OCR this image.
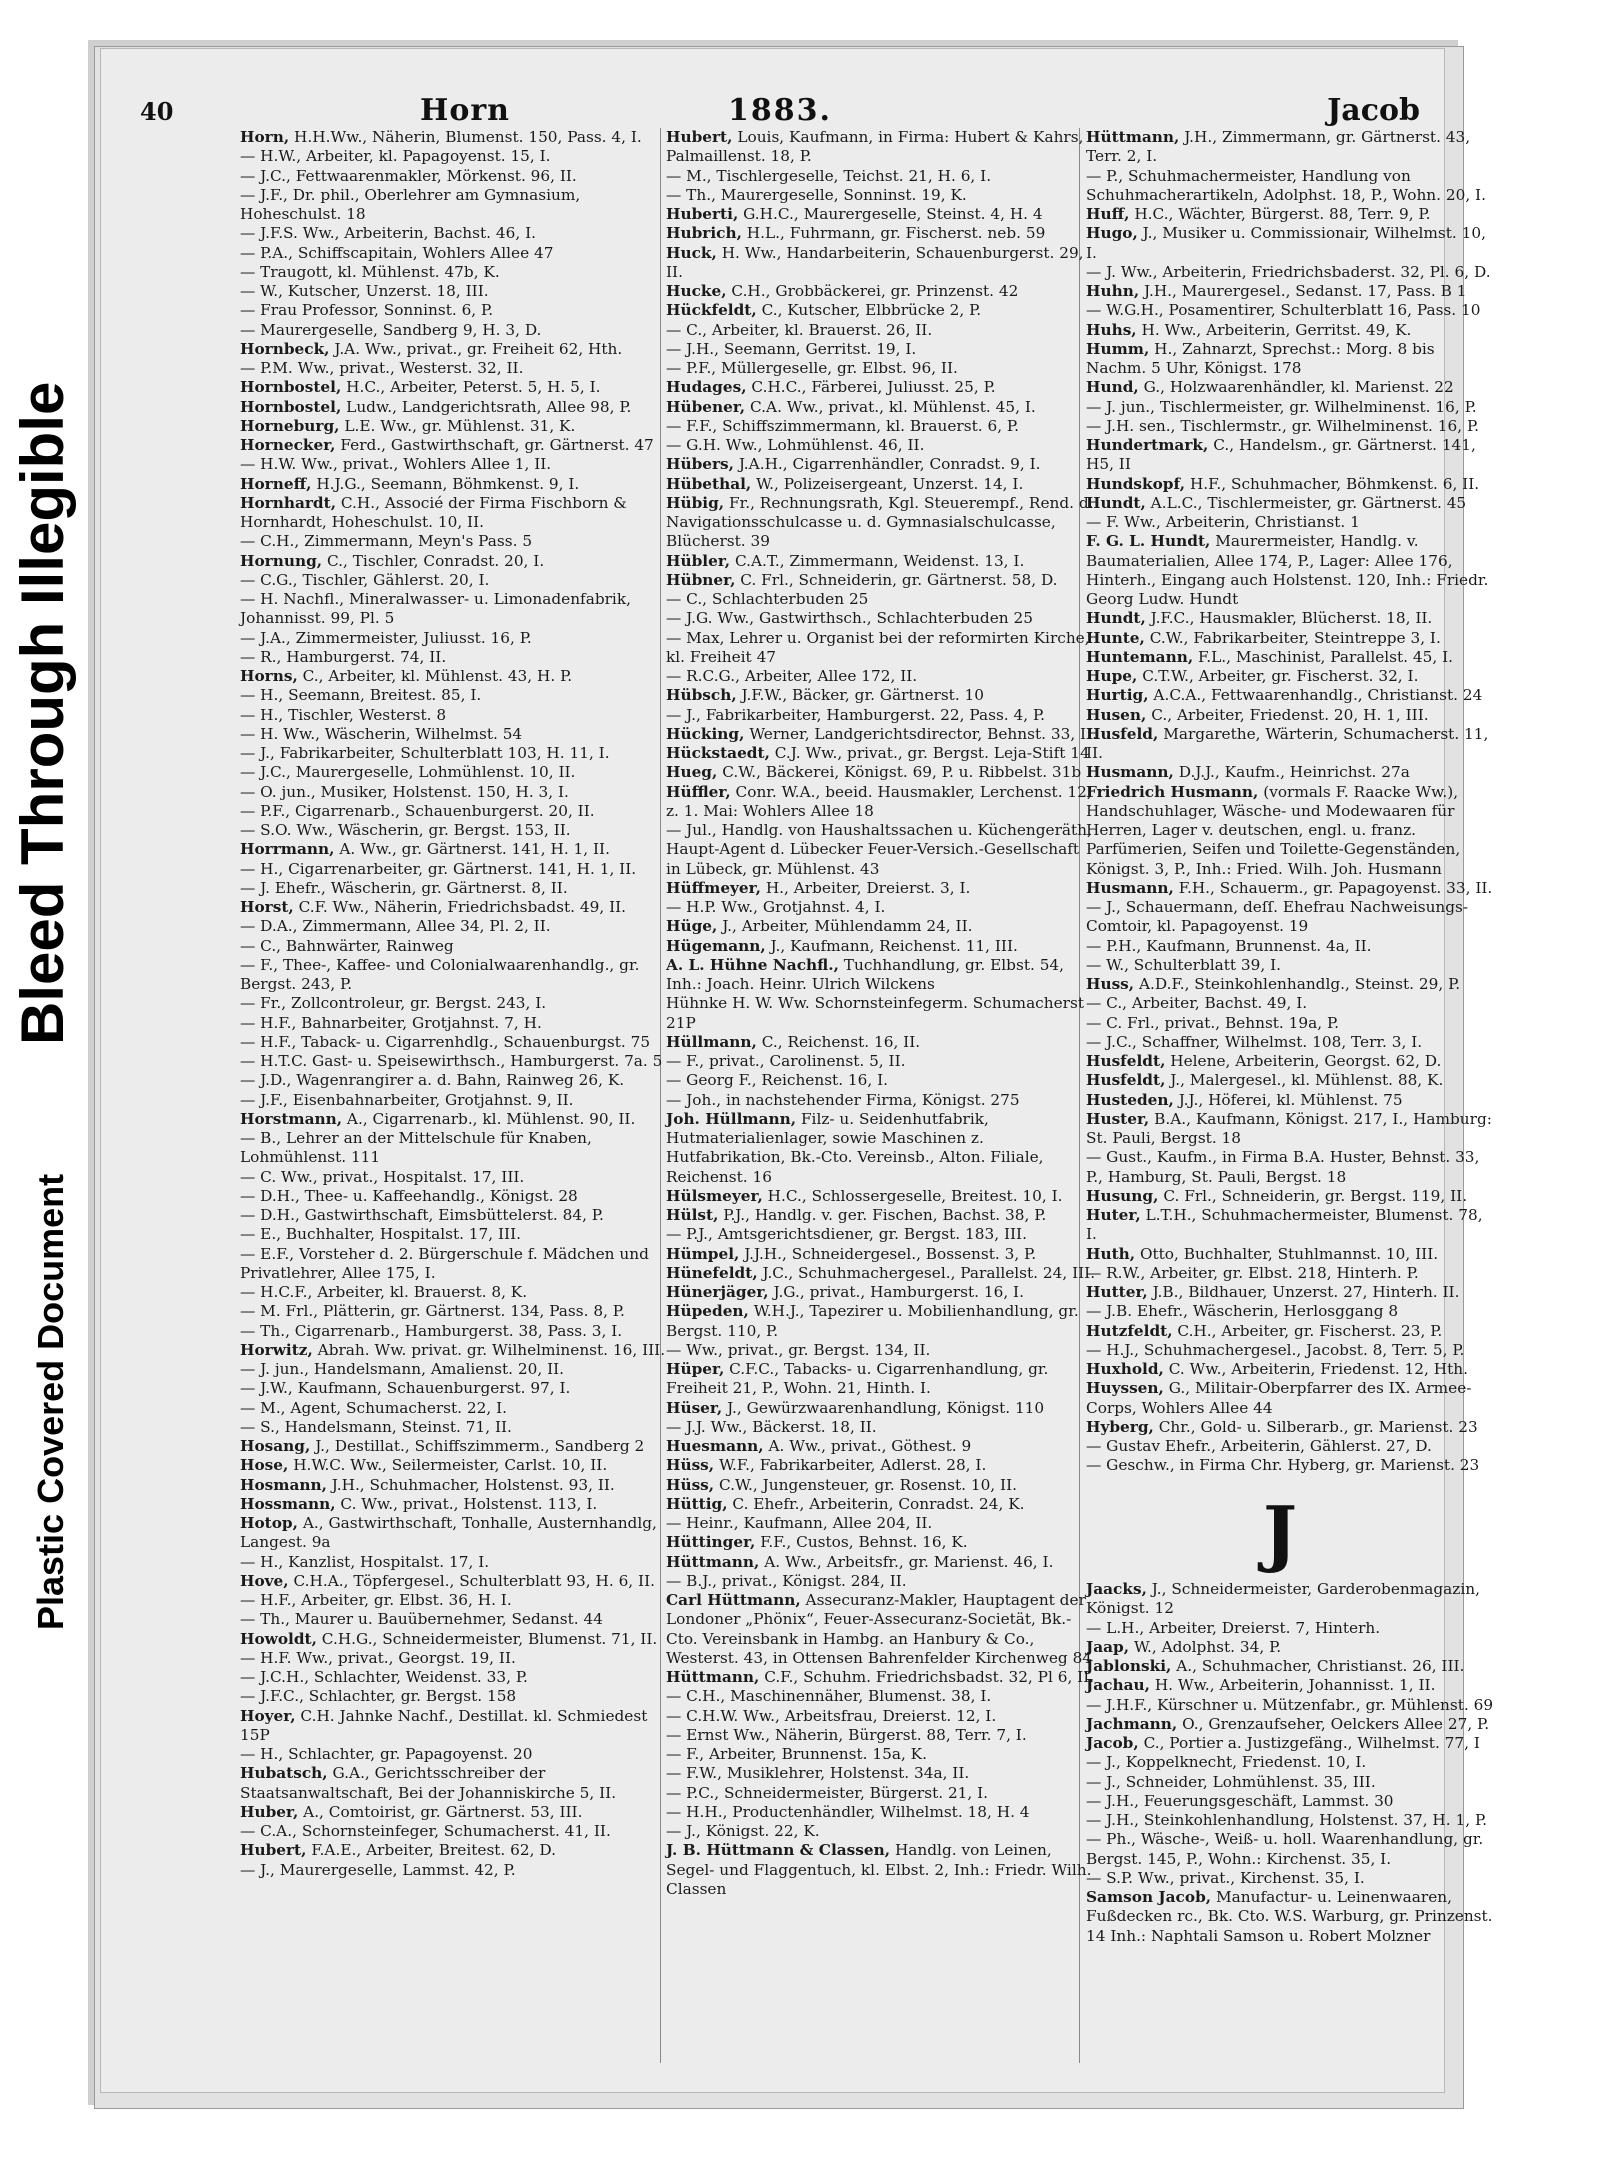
Bleed Through Illegible
Plastic Covered Document
40	Horn	1883.	Jacob

Horn, H.H.Ww., Näherin, Blumenst. 150, Pass. 4, I.

— H.W., Arbeiter, kl. Papagoyenst. 15, I.

— J.C., Fettwaarenmakler, Mörkenst. 96, II.

— J.F., Dr. phil., Oberlehrer am Gymnasium, Hoheschulst. 18

— J.F.S. Ww., Arbeiterin, Bachst. 46, I.

— P.A., Schiffscapitain, Wohlers Allee 47

— Traugott, kl. Mühlenst. 47b, K.

— W., Kutscher, Unzerst. 18, III.

— Frau Professor, Sonninst. 6, P.

— Maurergeselle, Sandberg 9, H. 3, D.

Hornbeck, J.A. Ww., privat., gr. Freiheit 62, Hth.

— P.M. Ww., privat., Westerst. 32, II.

Hornbostel, H.C., Arbeiter, Peterst. 5, H. 5, I.

Hornbostel, Ludw., Landgerichtsrath, Allee 98, P.

Horneburg, L.E. Ww., gr. Mühlenst. 31, K.

Hornecker, Ferd., Gastwirthschaft, gr. Gärtnerst. 47

— H.W. Ww., privat., Wohlers Allee 1, II.

Horneff, H.J.G., Seemann, Böhmkenst. 9, I.

Hornhardt, C.H., Associé der Firma Fischborn & Hornhardt, Hoheschulst. 10, II.

— C.H., Zimmermann, Meyn's Pass. 5

Hornung, C., Tischler, Conradst. 20, I.

— C.G., Tischler, Gählerst. 20, I.

— H. Nachfl., Mineralwasser- u. Limonadenfabrik, Johannisst. 99, Pl. 5

— J.A., Zimmermeister, Juliusst. 16, P.

— R., Hamburgerst. 74, II.

Horns, C., Arbeiter, kl. Mühlenst. 43, H. P.

— H., Seemann, Breitest. 85, I.

— H., Tischler, Westerst. 8

— H. Ww., Wäscherin, Wilhelmst. 54

— J., Fabrikarbeiter, Schulterblatt 103, H. 11, I.

— J.C., Maurergeselle, Lohmühlenst. 10, II.

— O. jun., Musiker, Holstenst. 150, H. 3, I.

— P.F., Cigarrenarb., Schauenburgerst. 20, II.

— S.O. Ww., Wäscherin, gr. Bergst. 153, II.

Horrmann, A. Ww., gr. Gärtnerst. 141, H. 1, II.

— H., Cigarrenarbeiter, gr. Gärtnerst. 141, H. 1, II.

— J. Ehefr., Wäscherin, gr. Gärtnerst. 8, II.

Horst, C.F. Ww., Näherin, Friedrichsbadst. 49, II.

— D.A., Zimmermann, Allee 34, Pl. 2, II.

— C., Bahnwärter, Rainweg

— F., Thee-, Kaffee- und Colonialwaarenhandlg., gr. Bergst. 243, P.

— Fr., Zollcontroleur, gr. Bergst. 243, I.

— H.F., Bahnarbeiter, Grotjahnst. 7, H.

— H.F., Taback- u. Cigarrenhdlg., Schauenburgst. 75

— H.T.C. Gast- u. Speisewirthsch., Hamburgerst. 7a. 5

— J.D., Wagenrangirer a. d. Bahn, Rainweg 26, K.

— J.F., Eisenbahnarbeiter, Grotjahnst. 9, II.

Horstmann, A., Cigarrenarb., kl. Mühlenst. 90, II.

— B., Lehrer an der Mittelschule für Knaben, Lohmühlenst. 111

— C. Ww., privat., Hospitalst. 17, III.

— D.H., Thee- u. Kaffeehandlg., Königst. 28

— D.H., Gastwirthschaft, Eimsbüttelerst. 84, P.

— E., Buchhalter, Hospitalst. 17, III.

— E.F., Vorsteher d. 2. Bürgerschule f. Mädchen und Privatlehrer, Allee 175, I.

— H.C.F., Arbeiter, kl. Brauerst. 8, K.

— M. Frl., Plätterin, gr. Gärtnerst. 134, Pass. 8, P.

— Th., Cigarrenarb., Hamburgerst. 38, Pass. 3, I.

Horwitz, Abrah. Ww. privat. gr. Wilhelminenst. 16, III.

— J. jun., Handelsmann, Amalienst. 20, II.

— J.W., Kaufmann, Schauenburgerst. 97, I.

— M., Agent, Schumacherst. 22, I.

— S., Handelsmann, Steinst. 71, II.

Hosang, J., Destillat., Schiffszimmerm., Sandberg 2

Hose, H.W.C. Ww., Seilermeister, Carlst. 10, II.

Hosmann, J.H., Schuhmacher, Holstenst. 93, II.

Hossmann, C. Ww., privat., Holstenst. 113, I.

Hotop, A., Gastwirthschaft, Tonhalle, Austernhandlg, Langest. 9a

— H., Kanzlist, Hospitalst. 17, I.

Hove, C.H.A., Töpfergesel., Schulterblatt 93, H. 6, II.

— H.F., Arbeiter, gr. Elbst. 36, H. I.

— Th., Maurer u. Bauübernehmer, Sedanst. 44

Howoldt, C.H.G., Schneidermeister, Blumenst. 71, II.

— H.F. Ww., privat., Georgst. 19, II.

— J.C.H., Schlachter, Weidenst. 33, P.

— J.F.C., Schlachter, gr. Bergst. 158

Hoyer, C.H. Jahnke Nachf., Destillat. kl. Schmiedest 15P

— H., Schlachter, gr. Papagoyenst. 20

Hubatsch, G.A., Gerichtsschreiber der Staatsanwaltschaft, Bei der Johanniskirche 5, II.

Huber, A., Comtoirist, gr. Gärtnerst. 53, III.

— C.A., Schornsteinfeger, Schumacherst. 41, II.

Hubert, F.A.E., Arbeiter, Breitest. 62, D.

— J., Maurergeselle, Lammst. 42, P.

Hubert, Louis, Kaufmann, in Firma: Hubert & Kahrs, Palmaillenst. 18, P.

— M., Tischlergeselle, Teichst. 21, H. 6, I.

— Th., Maurergeselle, Sonninst. 19, K.

Huberti, G.H.C., Maurergeselle, Steinst. 4, H. 4

Hubrich, H.L., Fuhrmann, gr. Fischerst. neb. 59

Huck, H. Ww., Handarbeiterin, Schauenburgerst. 29, II.

Hucke, C.H., Grobbäckerei, gr. Prinzenst. 42

Hückfeldt, C., Kutscher, Elbbrücke 2, P.

— C., Arbeiter, kl. Brauerst. 26, II.

— J.H., Seemann, Gerritst. 19, I.

— P.F., Müllergeselle, gr. Elbst. 96, II.

Hudages, C.H.C., Färberei, Juliusst. 25, P.

Hübener, C.A. Ww., privat., kl. Mühlenst. 45, I.

— F.F., Schiffszimmermann, kl. Brauerst. 6, P.

— G.H. Ww., Lohmühlenst. 46, II.

Hübers, J.A.H., Cigarrenhändler, Conradst. 9, I.

Hübethal, W., Polizeisergeant, Unzerst. 14, I.

Hübig, Fr., Rechnungsrath, Kgl. Steuerempf., Rend. d. Navigationsschulcasse u. d. Gymnasialschulcasse, Blücherst. 39

Hübler, C.A.T., Zimmermann, Weidenst. 13, I.

Hübner, C. Frl., Schneiderin, gr. Gärtnerst. 58, D.

— C., Schlachterbuden 25

— J.G. Ww., Gastwirthsch., Schlachterbuden 25

— Max, Lehrer u. Organist bei der reformirten Kirche, kl. Freiheit 47

— R.C.G., Arbeiter, Allee 172, II.

Hübsch, J.F.W., Bäcker, gr. Gärtnerst. 10

— J., Fabrikarbeiter, Hamburgerst. 22, Pass. 4, P.

Hücking, Werner, Landgerichtsdirector, Behnst. 33, II.

Hückstaedt, C.J. Ww., privat., gr. Bergst. Leja-Stift 14

Hueg, C.W., Bäckerei, Königst. 69, P. u. Ribbelst. 31b

Hüffler, Conr. W.A., beeid. Hausmakler, Lerchenst. 12, z. 1. Mai: Wohlers Allee 18

— Jul., Handlg. von Haushaltssachen u. Küchengeräth, Haupt-Agent d. Lübecker Feuer-Versich.-Gesellschaft in Lübeck, gr. Mühlenst. 43

Hüffmeyer, H., Arbeiter, Dreierst. 3, I.

— H.P. Ww., Grotjahnst. 4, I.

Hüge, J., Arbeiter, Mühlendamm 24, II.

Hügemann, J., Kaufmann, Reichenst. 11, III.

A. L. Hühne Nachfl., Tuchhandlung, gr. Elbst. 54, Inh.: Joach. Heinr. Ulrich Wilckens

Hühnke H. W. Ww. Schornsteinfegerm. Schumacherst 21P

Hüllmann, C., Reichenst. 16, II.

— F., privat., Carolinenst. 5, II.

— Georg F., Reichenst. 16, I.

— Joh., in nachstehender Firma, Königst. 275

Joh. Hüllmann, Filz- u. Seidenhutfabrik, Hutmaterialienlager, sowie Maschinen z. Hutfabrikation, Bk.-Cto. Vereinsb., Alton. Filiale, Reichenst. 16

Hülsmeyer, H.C., Schlossergeselle, Breitest. 10, I.

Hülst, P.J., Handlg. v. ger. Fischen, Bachst. 38, P.

— P.J., Amtsgerichtsdiener, gr. Bergst. 183, III.

Hümpel, J.J.H., Schneidergesel., Bossenst. 3, P.

Hünefeldt, J.C., Schuhmachergesel., Parallelst. 24, III.

Hünerjäger, J.G., privat., Hamburgerst. 16, I.

Hüpeden, W.H.J., Tapezirer u. Mobilienhandlung, gr. Bergst. 110, P.

— Ww., privat., gr. Bergst. 134, II.

Hüper, C.F.C., Tabacks- u. Cigarrenhandlung, gr. Freiheit 21, P., Wohn. 21, Hinth. I.

Hüser, J., Gewürzwaarenhandlung, Königst. 110

— J.J. Ww., Bäckerst. 18, II.

Huesmann, A. Ww., privat., Göthest. 9

Hüss, W.F., Fabrikarbeiter, Adlerst. 28, I.

Hüss, C.W., Jungensteuer, gr. Rosenst. 10, II.

Hüttig, C. Ehefr., Arbeiterin, Conradst. 24, K.

— Heinr., Kaufmann, Allee 204, II.

Hüttinger, F.F., Custos, Behnst. 16, K.

Hüttmann, A. Ww., Arbeitsfr., gr. Marienst. 46, I.

— B.J., privat., Königst. 284, II.

Carl Hüttmann, Assecuranz-Makler, Hauptagent der Londoner „Phönix“, Feuer-Assecuranz-Societät, Bk.-Cto. Vereinsbank in Hambg. an Hanbury & Co., Westerst. 43, in Ottensen Bahrenfelder Kirchenweg 84

Hüttmann, C.F., Schuhm. Friedrichsbadst. 32, Pl 6, II.

— C.H., Maschinennäher, Blumenst. 38, I.

— C.H.W. Ww., Arbeitsfrau, Dreierst. 12, I.

— Ernst Ww., Näherin, Bürgerst. 88, Terr. 7, I.

— F., Arbeiter, Brunnenst. 15a, K.

— F.W., Musiklehrer, Holstenst. 34a, II.

— P.C., Schneidermeister, Bürgerst. 21, I.

— H.H., Productenhändler, Wilhelmst. 18, H. 4

— J., Königst. 22, K.

J. B. Hüttmann & Classen, Handlg. von Leinen, Segel- und Flaggentuch, kl. Elbst. 2, Inh.: Friedr. Wilh. Classen

Hüttmann, J.H., Zimmermann, gr. Gärtnerst. 43, Terr. 2, I.

— P., Schuhmachermeister, Handlung von Schuhmacherartikeln, Adolphst. 18, P., Wohn. 20, I.

Huff, H.C., Wächter, Bürgerst. 88, Terr. 9, P.

Hugo, J., Musiker u. Commissionair, Wilhelmst. 10, I.

— J. Ww., Arbeiterin, Friedrichsbaderst. 32, Pl. 6, D.

Huhn, J.H., Maurergesel., Sedanst. 17, Pass. B 1

— W.G.H., Posamentirer, Schulterblatt 16, Pass. 10

Huhs, H. Ww., Arbeiterin, Gerritst. 49, K.

Humm, H., Zahnarzt, Sprechst.: Morg. 8 bis Nachm. 5 Uhr, Königst. 178

Hund, G., Holzwaarenhändler, kl. Marienst. 22

— J. jun., Tischlermeister, gr. Wilhelminenst. 16, P.

— J.H. sen., Tischlermstr., gr. Wilhelminenst. 16, P.

Hundertmark, C., Handelsm., gr. Gärtnerst. 141, H5, II

Hundskopf, H.F., Schuhmacher, Böhmkenst. 6, II.

Hundt, A.L.C., Tischlermeister, gr. Gärtnerst. 45

— F. Ww., Arbeiterin, Christianst. 1

F. G. L. Hundt, Maurermeister, Handlg. v. Baumaterialien, Allee 174, P., Lager: Allee 176, Hinterh., Eingang auch Holstenst. 120, Inh.: Friedr. Georg Ludw. Hundt

Hundt, J.F.C., Hausmakler, Blücherst. 18, II.

Hunte, C.W., Fabrikarbeiter, Steintreppe 3, I.

Huntemann, F.L., Maschinist, Parallelst. 45, I.

Hupe, C.T.W., Arbeiter, gr. Fischerst. 32, I.

Hurtig, A.C.A., Fettwaarenhandlg., Christianst. 24

Husen, C., Arbeiter, Friedenst. 20, H. 1, III.

Husfeld, Margarethe, Wärterin, Schumacherst. 11, II.

Husmann, D.J.J., Kaufm., Heinrichst. 27a

Friedrich Husmann, (vormals F. Raacke Ww.), Handschuhlager, Wäsche- und Modewaaren für Herren, Lager v. deutschen, engl. u. franz. Parfümerien, Seifen und Toilette-Gegenständen, Königst. 3, P., Inh.: Fried. Wilh. Joh. Husmann

Husmann, F.H., Schauerm., gr. Papagoyenst. 33, II.

— J., Schauermann, deſſ. Ehefrau Nachweisungs-Comtoir, kl. Papagoyenst. 19

— P.H., Kaufmann, Brunnenst. 4a, II.

— W., Schulterblatt 39, I.

Huss, A.D.F., Steinkohlenhandlg., Steinst. 29, P.

— C., Arbeiter, Bachst. 49, I.

— C. Frl., privat., Behnst. 19a, P.

— J.C., Schaffner, Wilhelmst. 108, Terr. 3, I.

Husfeldt, Helene, Arbeiterin, Georgst. 62, D.

Husfeldt, J., Malergesel., kl. Mühlenst. 88, K.

Husteden, J.J., Höferei, kl. Mühlenst. 75

Huster, B.A., Kaufmann, Königst. 217, I., Hamburg: St. Pauli, Bergst. 18

— Gust., Kaufm., in Firma B.A. Huster, Behnst. 33, P., Hamburg, St. Pauli, Bergst. 18

Husung, C. Frl., Schneiderin, gr. Bergst. 119, II.

Huter, L.T.H., Schuhmachermeister, Blumenst. 78, I.

Huth, Otto, Buchhalter, Stuhlmannst. 10, III.

— R.W., Arbeiter, gr. Elbst. 218, Hinterh. P.

Hutter, J.B., Bildhauer, Unzerst. 27, Hinterh. II.

— J.B. Ehefr., Wäscherin, Herlosggang 8

Hutzfeldt, C.H., Arbeiter, gr. Fischerst. 23, P.

— H.J., Schuhmachergesel., Jacobst. 8, Terr. 5, P.

Huxhold, C. Ww., Arbeiterin, Friedenst. 12, Hth.

Huyssen, G., Militair-Oberpfarrer des IX. Armee-Corps, Wohlers Allee 44

Hyberg, Chr., Gold- u. Silberarb., gr. Marienst. 23

— Gustav Ehefr., Arbeiterin, Gählerst. 27, D.

— Geschw., in Firma Chr. Hyberg, gr. Marienst. 23

J

Jaacks, J., Schneidermeister, Garderobenmagazin, Königst. 12

— L.H., Arbeiter, Dreierst. 7, Hinterh.

Jaap, W., Adolphst. 34, P.

Jablonski, A., Schuhmacher, Christianst. 26, III.

Jachau, H. Ww., Arbeiterin, Johannisst. 1, II.

— J.H.F., Kürschner u. Mützenfabr., gr. Mühlenst. 69

Jachmann, O., Grenzaufseher, Oelckers Allee 27, P.

Jacob, C., Portier a. Justizgefäng., Wilhelmst. 77, I

— J., Koppelknecht, Friedenst. 10, I.

— J., Schneider, Lohmühlenst. 35, III.

— J.H., Feuerungsgeschäft, Lammst. 30

— J.H., Steinkohlenhandlung, Holstenst. 37, H. 1, P.

— Ph., Wäsche-, Weiß- u. holl. Waarenhandlung, gr. Bergst. 145, P., Wohn.: Kirchenst. 35, I.

— S.P. Ww., privat., Kirchenst. 35, I.

Samson Jacob, Manufactur- u. Leinenwaaren, Fußdecken rc., Bk. Cto. W.S. Warburg, gr. Prinzenst. 14 Inh.: Naphtali Samson u. Robert Molzner
